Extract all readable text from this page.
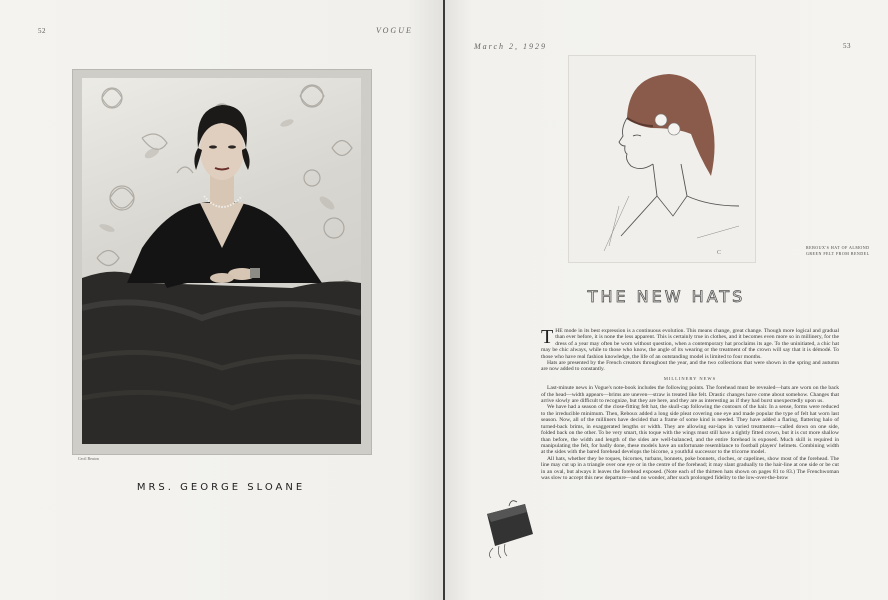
52	VOGUE
Cecil Beaton
MRS. GEORGE SLOANE
March 2, 1929	53
C
REBOUX'S HAT OF ALMOND GREEN FELT FROM BENDEL
THE NEW HATS

THE mode in its best expression is a continuous evolution. This means change, great change. Though more logical and gradual than ever before, it is none the less apparent. This is certainly true in clothes, and it becomes even more so in millinery, for the dress of a year may often be worn without question, when a contemporary hat proclaims its age. To the uninitiated, a chic hat may be chic always, while to those who know, the angle of its wearing or the treatment of the crown will say that it is démodé. To those who have real fashion knowledge, the life of an outstanding model is limited to four months.

Hats are presented by the French creators throughout the year, and the two collections that were shown in the spring and autumn are now added to constantly.

MILLINERY NEWS

Last-minute news in Vogue's note-book includes the following points. The forehead must be revealed—hats are worn on the back of the head—width appears—brims are uneven—straw is treated like felt. Drastic changes have come about somehow. Changes that arrive slowly are difficult to recognize, but they are here, and they are as interesting as if they had burst unexpectedly upon us.

We have had a season of the close-fitting felt hat, the skull-cap following the contours of the hair. In a sense, forms were reduced to the irreducible minimum. Then, Reboux added a long side pleat covering one eye and made popular the type of felt hat worn last season. Now, all of the milliners have decided that a frame of some kind is needed. They have added a flaring, flattering halo of turned-back brims, in exaggerated lengths or width. They are allowing ear-laps in varied treatments—called down on one side, folded back on the other. To be very smart, this toque with the wings must still have a tightly fitted crown, but it is cut more shallow than before, the width and length of the sides are well-balanced, and the entire forehead is exposed. Much skill is required in manipulating the felt, for badly done, these models have an unfortunate resemblance to football players' helmets. Combining width at the sides with the bared forehead develops the bicorne, a youthful successor to the tricorne model.

All hats, whether they be toques, bicornes, turbans, bonnets, poke bonnets, cloches, or capelines, show most of the forehead. The line may cut up in a triangle over one eye or in the centre of the forehead; it may slant gradually to the hair-line at one side or be cut in an oval, but always it leaves the forehead exposed. (Note each of the thirteen hats shown on pages 81 to 83.) The Frenchwoman was slow to accept this new departure—and no wonder, after such prolonged fidelity to the low-over-the-brow
